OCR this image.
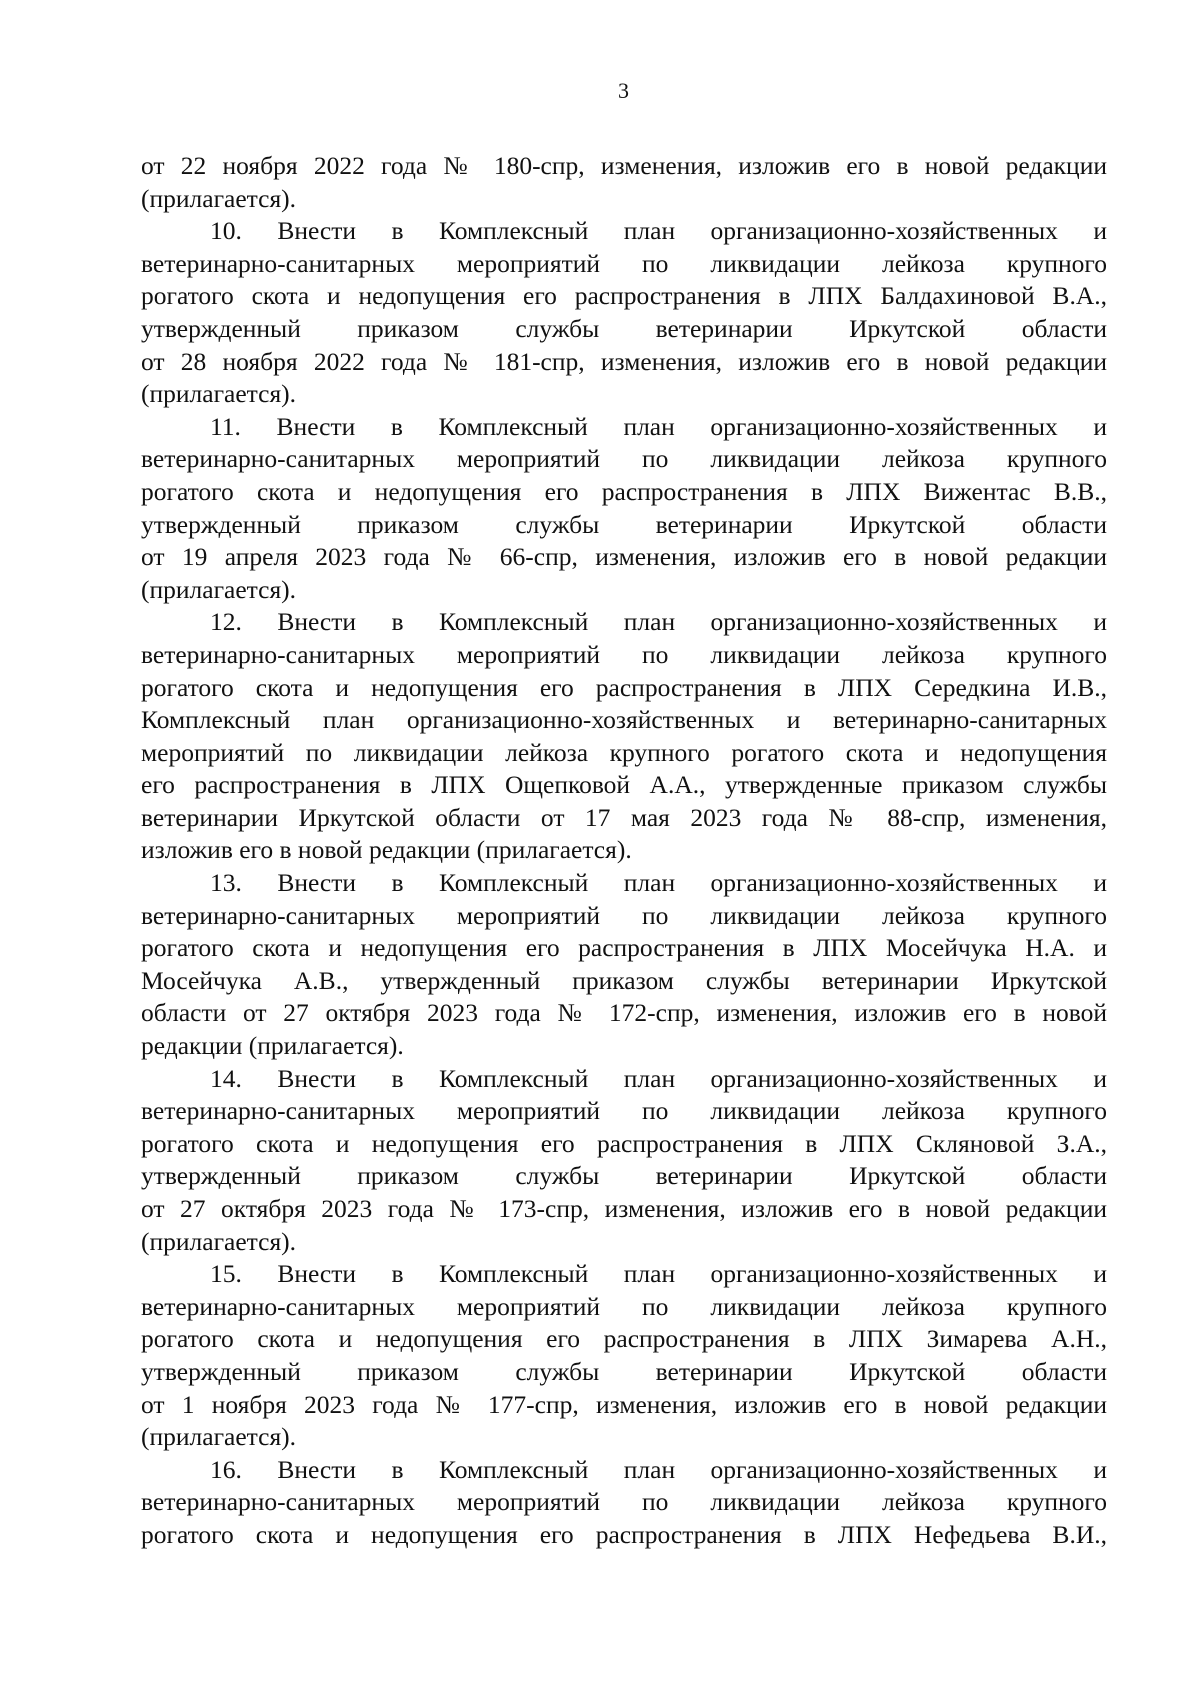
3

от 22 ноября 2022 года № 180-спр, изменения, изложив его в новой редакции
(прилагается).

10. Внести в Комплексный план организационно-хозяйственных и
ветеринарно-санитарных мероприятий по ликвидации лейкоза крупного
рогатого скота и недопущения его распространения в ЛПХ Балдахиновой В.А.,
утвержденный приказом службы ветеринарии Иркутской области
от 28 ноября 2022 года № 181-спр, изменения, изложив его в новой редакции
(прилагается).

11. Внести в Комплексный план организационно-хозяйственных и
ветеринарно-санитарных мероприятий по ликвидации лейкоза крупного
рогатого скота и недопущения его распространения в ЛПХ Вижентас В.В.,
утвержденный приказом службы ветеринарии Иркутской области
от 19 апреля 2023 года № 66-спр, изменения, изложив его в новой редакции
(прилагается).

12. Внести в Комплексный план организационно-хозяйственных и
ветеринарно-санитарных мероприятий по ликвидации лейкоза крупного
рогатого скота и недопущения его распространения в ЛПХ Середкина И.В.,
Комплексный план организационно-хозяйственных и ветеринарно-санитарных
мероприятий по ликвидации лейкоза крупного рогатого скота и недопущения
его распространения в ЛПХ Ощепковой А.А., утвержденные приказом службы
ветеринарии Иркутской области от 17 мая 2023 года № 88-спр, изменения,
изложив его в новой редакции (прилагается).

13. Внести в Комплексный план организационно-хозяйственных и
ветеринарно-санитарных мероприятий по ликвидации лейкоза крупного
рогатого скота и недопущения его распространения в ЛПХ Мосейчука Н.А. и
Мосейчука А.В., утвержденный приказом службы ветеринарии Иркутской
области от 27 октября 2023 года № 172-спр, изменения, изложив его в новой
редакции (прилагается).

14. Внести в Комплексный план организационно-хозяйственных и
ветеринарно-санитарных мероприятий по ликвидации лейкоза крупного
рогатого скота и недопущения его распространения в ЛПХ Скляновой З.А.,
утвержденный приказом службы ветеринарии Иркутской области
от 27 октября 2023 года № 173-спр, изменения, изложив его в новой редакции
(прилагается).

15. Внести в Комплексный план организационно-хозяйственных и
ветеринарно-санитарных мероприятий по ликвидации лейкоза крупного
рогатого скота и недопущения его распространения в ЛПХ Зимарева А.Н.,
утвержденный приказом службы ветеринарии Иркутской области
от 1 ноября 2023 года № 177-спр, изменения, изложив его в новой редакции
(прилагается).

16. Внести в Комплексный план организационно-хозяйственных и
ветеринарно-санитарных мероприятий по ликвидации лейкоза крупного
рогатого скота и недопущения его распространения в ЛПХ Нефедьева В.И.,
